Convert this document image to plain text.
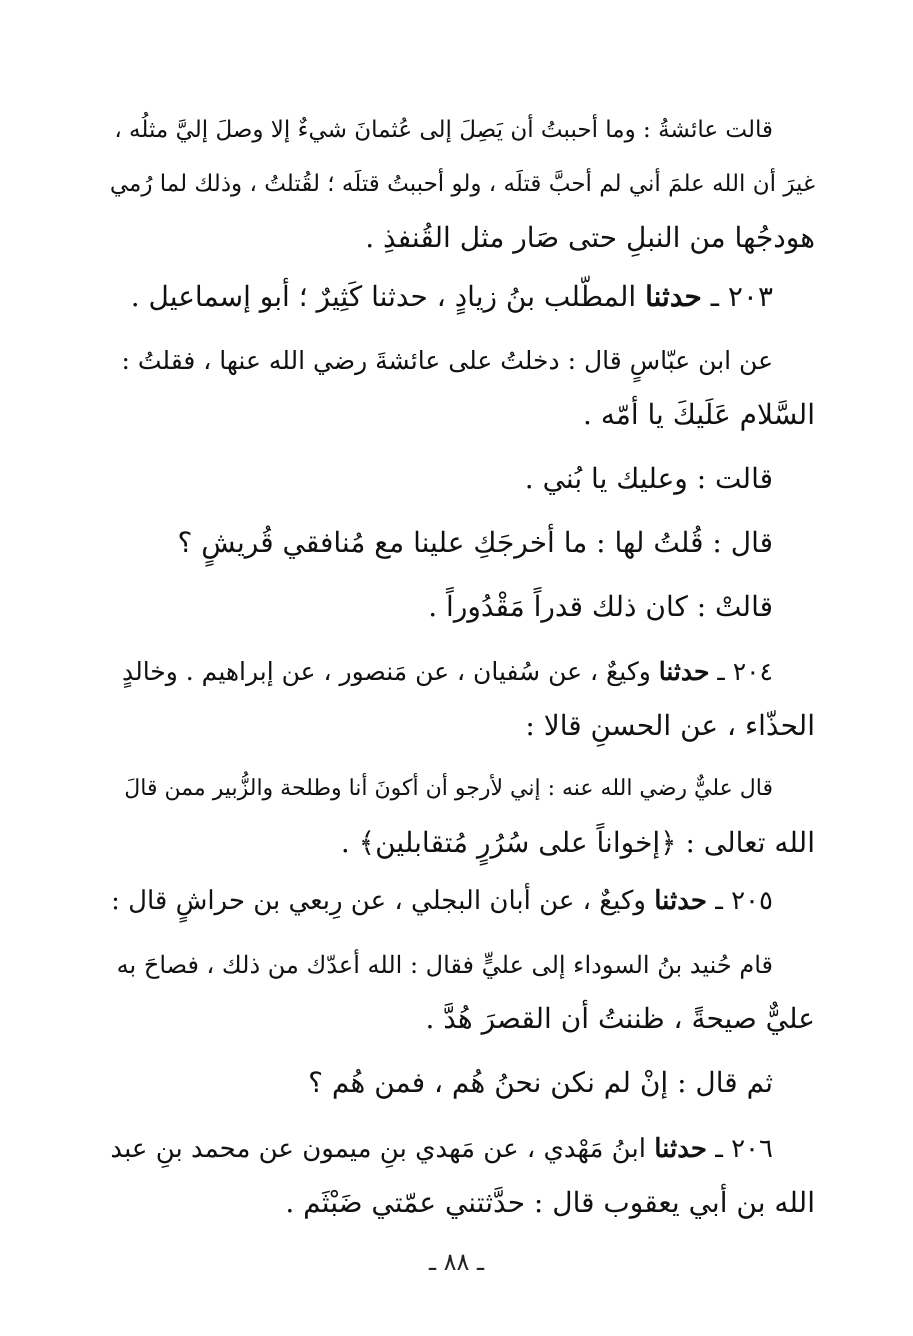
قالت عائشةُ : وما أحببتُ أن يَصِلَ إلى عُثمانَ شيءٌ إلا وصلَ إليَّ مثلُه ،
غيرَ أن الله علمَ أني لم أحبَّ قتلَه ، ولو أحببتُ قتلَه ؛ لقُتلتُ ، وذلك لما رُمي
هودجُها من النبلِ حتى صَار مثل القُنفذِ .
٢٠٣ ـ حدثنا المطّلب بنُ زيادٍ ، حدثنا كَثِيرٌ ؛ أبو إسماعيل .
عن ابن عبّاسٍ قال : دخلتُ على عائشةَ رضي الله عنها ، فقلتُ :
السَّلام عَلَيكَ يا أمّه .
قالت : وعليك يا بُني .
قال : قُلتُ لها : ما أخرجَكِ علينا مع مُنافقي قُريشٍ ؟
قالتْ : كان ذلك قدراً مَقْدُوراً .
٢٠٤ ـ حدثنا وكيعٌ ، عن سُفيان ، عن مَنصور ، عن إبراهيم . وخالدٍ
الحذّاء ، عن الحسنِ قالا :
قال عليٌّ رضي الله عنه : إني لأرجو أن أكونَ أنا وطلحة والزُّبير ممن قالَ
الله تعالى : ﴿إخواناً على سُرُرٍ مُتقابلين﴾ .
٢٠٥ ـ حدثنا وكيعٌ ، عن أبان البجلي ، عن رِبعي بن حراشٍ قال :
قام حُنيد بنُ السوداء إلى عليٍّ فقال : الله أعدّك من ذلك ، فصاحَ به
عليٌّ صيحةً ، ظننتُ أن القصرَ هُدَّ .
ثم قال : إنْ لم نكن نحنُ هُم ، فمن هُم ؟
٢٠٦ ـ حدثنا ابنُ مَهْدي ، عن مَهدي بنِ ميمون عن محمد بنِ عبد
الله بن أبي يعقوب قال : حدَّثتني عمّتي ضَبْثَم .
ـ ٨٨ ـ
